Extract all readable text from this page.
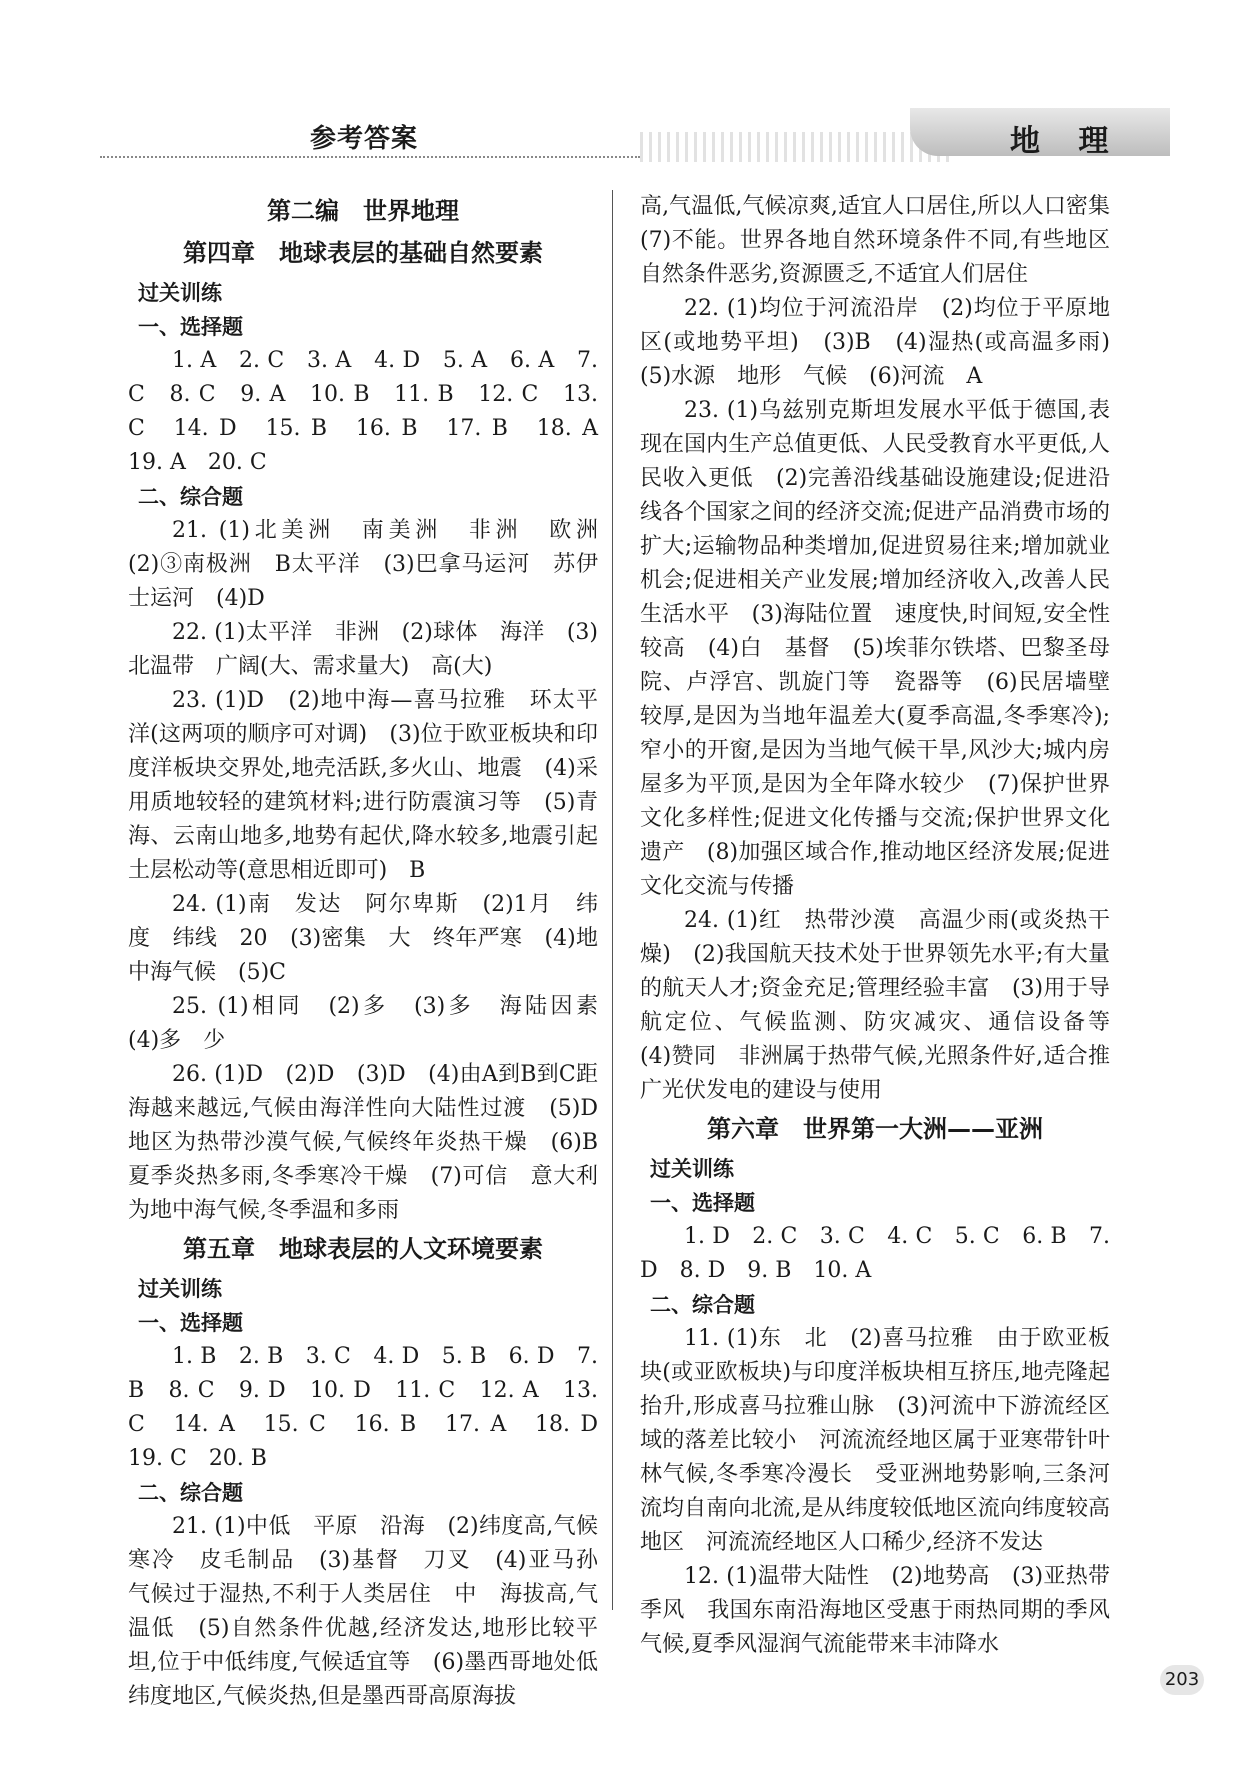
参考答案	地 理
第二编　世界地理
第四章　地球表层的基础自然要素
过关训练
一、选择题
1. A　2. C　3. A　4. D　5. A　6. A　7. C　8. C　9. A　10. B　11. B　12. C　13. C　14. D　15. B　16. B　17. B　18. A　19. A　20. C
二、综合题
21. (1)北美洲　南美洲　非洲　欧洲　(2)③南极洲　B太平洋　(3)巴拿马运河　苏伊士运河　(4)D
22. (1)太平洋　非洲　(2)球体　海洋　(3)北温带　广阔(大、需求量大)　高(大)
23. (1)D　(2)地中海—喜马拉雅　环太平洋(这两项的顺序可对调)　(3)位于欧亚板块和印度洋板块交界处,地壳活跃,多火山、地震　(4)采用质地较轻的建筑材料;进行防震演习等　(5)青海、云南山地多,地势有起伏,降水较多,地震引起土层松动等(意思相近即可)　B
24. (1)南　发达　阿尔卑斯　(2)1月　纬度　纬线　20　(3)密集　大　终年严寒　(4)地中海气候　(5)C
25. (1)相同　(2)多　(3)多　海陆因素　(4)多　少
26. (1)D　(2)D　(3)D　(4)由A到B到C距海越来越远,气候由海洋性向大陆性过渡　(5)D地区为热带沙漠气候,气候终年炎热干燥　(6)B　夏季炎热多雨,冬季寒冷干燥　(7)可信　意大利为地中海气候,冬季温和多雨
第五章　地球表层的人文环境要素
过关训练
一、选择题
1. B　2. B　3. C　4. D　5. B　6. D　7. B　8. C　9. D　10. D　11. C　12. A　13. C　14. A　15. C　16. B　17. A　18. D　19. C　20. B
二、综合题
21. (1)中低　平原　沿海　(2)纬度高,气候寒冷　皮毛制品　(3)基督　刀叉　(4)亚马孙　气候过于湿热,不利于人类居住　中　海拔高,气温低　(5)自然条件优越,经济发达,地形比较平坦,位于中低纬度,气候适宜等　(6)墨西哥地处低纬度地区,气候炎热,但是墨西哥高原海拔
高,气温低,气候凉爽,适宜人口居住,所以人口密集　(7)不能。世界各地自然环境条件不同,有些地区自然条件恶劣,资源匮乏,不适宜人们居住
22. (1)均位于河流沿岸　(2)均位于平原地区(或地势平坦)　(3)B　(4)湿热(或高温多雨)　(5)水源　地形　气候　(6)河流　A
23. (1)乌兹别克斯坦发展水平低于德国,表现在国内生产总值更低、人民受教育水平更低,人民收入更低　(2)完善沿线基础设施建设;促进沿线各个国家之间的经济交流;促进产品消费市场的扩大;运输物品种类增加,促进贸易往来;增加就业机会;促进相关产业发展;增加经济收入,改善人民生活水平　(3)海陆位置　速度快,时间短,安全性较高　(4)白　基督　(5)埃菲尔铁塔、巴黎圣母院、卢浮宫、凯旋门等　瓷器等　(6)民居墙壁较厚,是因为当地年温差大(夏季高温,冬季寒冷);窄小的开窗,是因为当地气候干旱,风沙大;城内房屋多为平顶,是因为全年降水较少　(7)保护世界文化多样性;促进文化传播与交流;保护世界文化遗产　(8)加强区域合作,推动地区经济发展;促进文化交流与传播
24. (1)红　热带沙漠　高温少雨(或炎热干燥)　(2)我国航天技术处于世界领先水平;有大量的航天人才;资金充足;管理经验丰富　(3)用于导航定位、气候监测、防灾减灾、通信设备等　(4)赞同　非洲属于热带气候,光照条件好,适合推广光伏发电的建设与使用
第六章　世界第一大洲——亚洲
过关训练
一、选择题
1. D　2. C　3. C　4. C　5. C　6. B　7. D　8. D　9. B　10. A
二、综合题
11. (1)东　北　(2)喜马拉雅　由于欧亚板块(或亚欧板块)与印度洋板块相互挤压,地壳隆起抬升,形成喜马拉雅山脉　(3)河流中下游流经区域的落差比较小　河流流经地区属于亚寒带针叶林气候,冬季寒冷漫长　受亚洲地势影响,三条河流均自南向北流,是从纬度较低地区流向纬度较高地区　河流流经地区人口稀少,经济不发达
12. (1)温带大陆性　(2)地势高　(3)亚热带季风　我国东南沿海地区受惠于雨热同期的季风气候,夏季风湿润气流能带来丰沛降水
203
